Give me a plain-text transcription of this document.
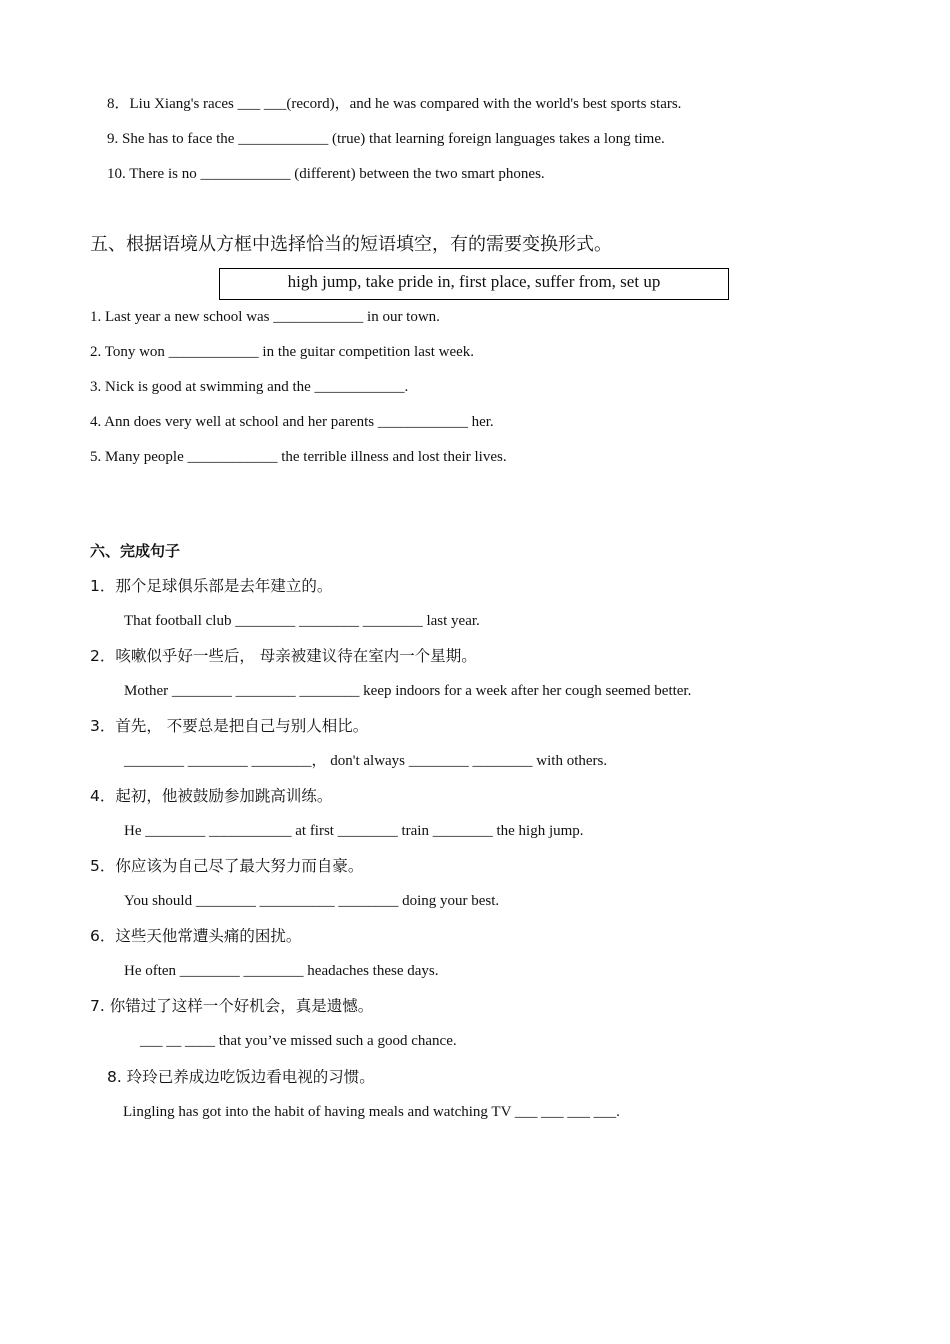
8．Liu Xiang's races ___ ___(record)，and he was compared with the world's best sports stars.
9. She has to face the ____________ (true) that learning foreign languages takes a long time.
10. There is no ____________ (different) between the two smart phones.
五、根据语境从方框中选择恰当的短语填空，有的需要变换形式。
high jump, take pride in, first place, suffer from, set up
1. Last year a new school was ____________ in our town.
2. Tony won ____________ in the guitar competition last week.
3. Nick is good at swimming and the ____________.
4. Ann does very well at school and her parents ____________ her.
5. Many people ____________ the terrible illness and lost their lives.
六、完成句子
1．那个足球俱乐部是去年建立的。
That football club ________ ________ ________ last year.
2．咳嗽似乎好一些后， 母亲被建议待在室内一个星期。
Mother ________ ________ ________ keep indoors for a week after her cough seemed better.
3．首先， 不要总是把自己与别人相比。
________ ________ ________， don't always ________ ________ with others.
4．起初，他被鼓励参加跳高训练。
He ________ ___________ at first ________ train ________ the high jump.
5．你应该为自己尽了最大努力而自豪。
You should ________ __________ ________ doing your best.
6．这些天他常遭头痛的困扰。
He often ________ ________ headaches these days.
7. 你错过了这样一个好机会，真是遗憾。
___ __ ____ that you’ve missed such a good chance.
8. 玲玲已养成边吃饭边看电视的习惯。
Lingling has got into the habit of having meals and watching TV ___ ___ ___ ___.
